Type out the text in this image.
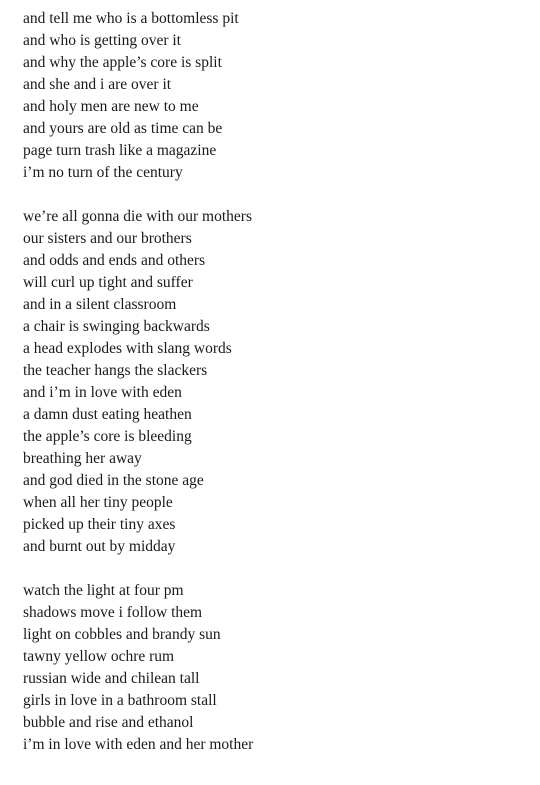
and tell me who is a bottomless pit
and who is getting over it
and why the apple’s core is split
and she and i are over it
and holy men are new to me
and yours are old as time can be
page turn trash like a magazine
i’m no turn of the century
we’re all gonna die with our mothers
our sisters and our brothers
and odds and ends and others
will curl up tight and suffer
and in a silent classroom
a chair is swinging backwards
a head explodes with slang words
the teacher hangs the slackers
and i’m in love with eden
a damn dust eating heathen
the apple’s core is bleeding
breathing her away
and god died in the stone age
when all her tiny people
picked up their tiny axes
and burnt out by midday
watch the light at four pm
shadows move i follow them
light on cobbles and brandy sun
tawny yellow ochre rum
russian wide and chilean tall
girls in love in a bathroom stall
bubble and rise and ethanol
i’m in love with eden and her mother
